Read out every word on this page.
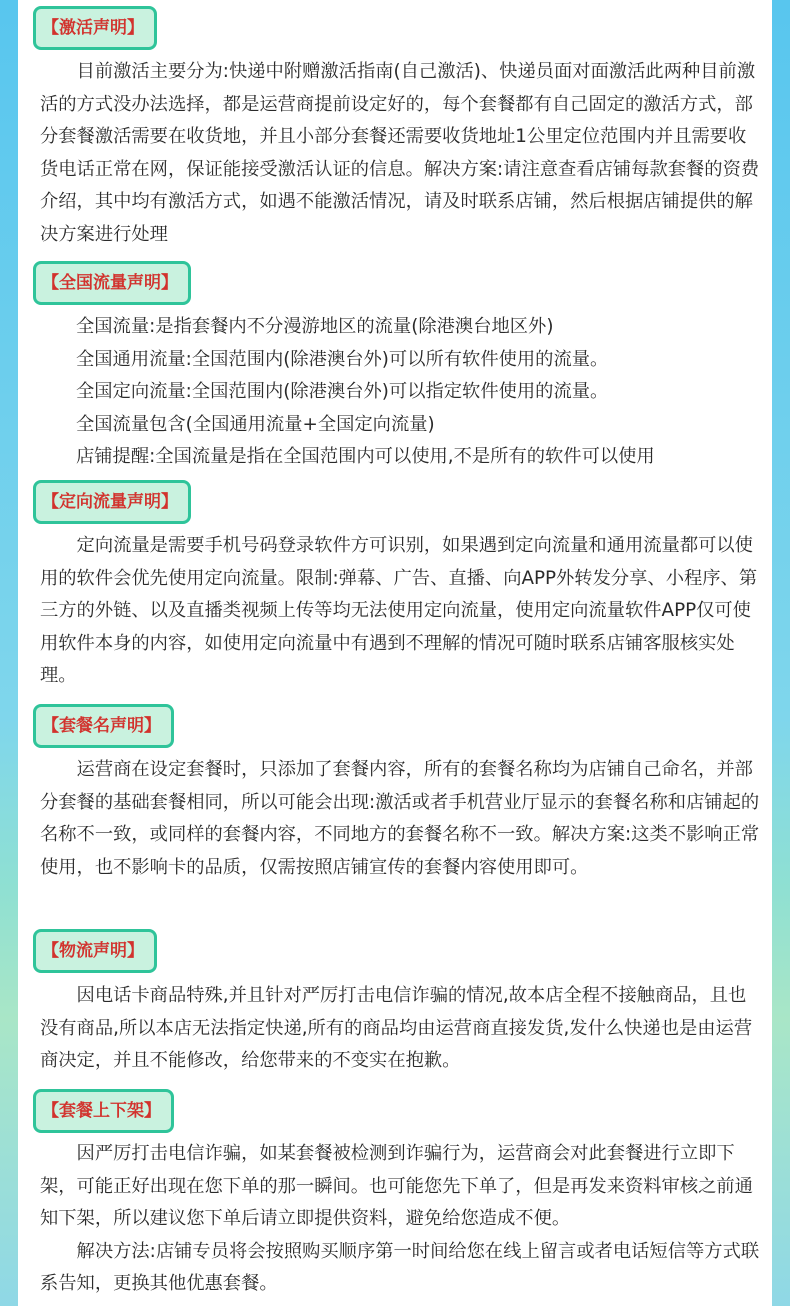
【激活声明】
　　目前激活主要分为:快递中附赠激活指南(自己激活)、快递员面对面激活此两种目前激活的方式没办法选择，都是运营商提前设定好的，每个套餐都有自己固定的激活方式，部分套餐激活需要在收货地，并且小部分套餐还需要收货地址1公里定位范围内并且需要收货电话正常在网，保证能接受激活认证的信息。解决方案:请注意查看店铺每款套餐的资费介绍，其中均有激活方式，如遇不能激活情况，请及时联系店铺，然后根据店铺提供的解决方案进行处理
【全国流量声明】
全国流量:是指套餐内不分漫游地区的流量(除港澳台地区外)
全国通用流量:全国范围内(除港澳台外)可以所有软件使用的流量。
全国定向流量:全国范围内(除港澳台外)可以指定软件使用的流量。
全国流量包含(全国通用流量+全国定向流量)
店铺提醒:全国流量是指在全国范围内可以使用,不是所有的软件可以使用
【定向流量声明】
　　定向流量是需要手机号码登录软件方可识别，如果遇到定向流量和通用流量都可以使用的软件会优先使用定向流量。限制:弹幕、广告、直播、向APP外转发分享、小程序、第三方的外链、以及直播类视频上传等均无法使用定向流量，使用定向流量软件APP仅可使用软件本身的内容，如使用定向流量中有遇到不理解的情况可随时联系店铺客服核实处理。
【套餐名声明】
　　运营商在设定套餐时，只添加了套餐内容，所有的套餐名称均为店铺自己命名，并部分套餐的基础套餐相同，所以可能会出现:激活或者手机营业厅显示的套餐名称和店铺起的名称不一致，或同样的套餐内容，不同地方的套餐名称不一致。解决方案:这类不影响正常使用，也不影响卡的品质，仅需按照店铺宣传的套餐内容使用即可。
【物流声明】
　　因电话卡商品特殊,并且针对严厉打击电信诈骗的情况,故本店全程不接触商品，且也没有商品,所以本店无法指定快递,所有的商品均由运营商直接发货,发什么快递也是由运营商决定，并且不能修改，给您带来的不变实在抱歉。
【套餐上下架】
　　因严厉打击电信诈骗，如某套餐被检测到诈骗行为，运营商会对此套餐进行立即下架，可能正好出现在您下单的那一瞬间。也可能您先下单了，但是再发来资料审核之前通知下架，所以建议您下单后请立即提供资料，避免给您造成不便。
　　解决方法:店铺专员将会按照购买顺序第一时间给您在线上留言或者电话短信等方式联系告知，更换其他优惠套餐。
